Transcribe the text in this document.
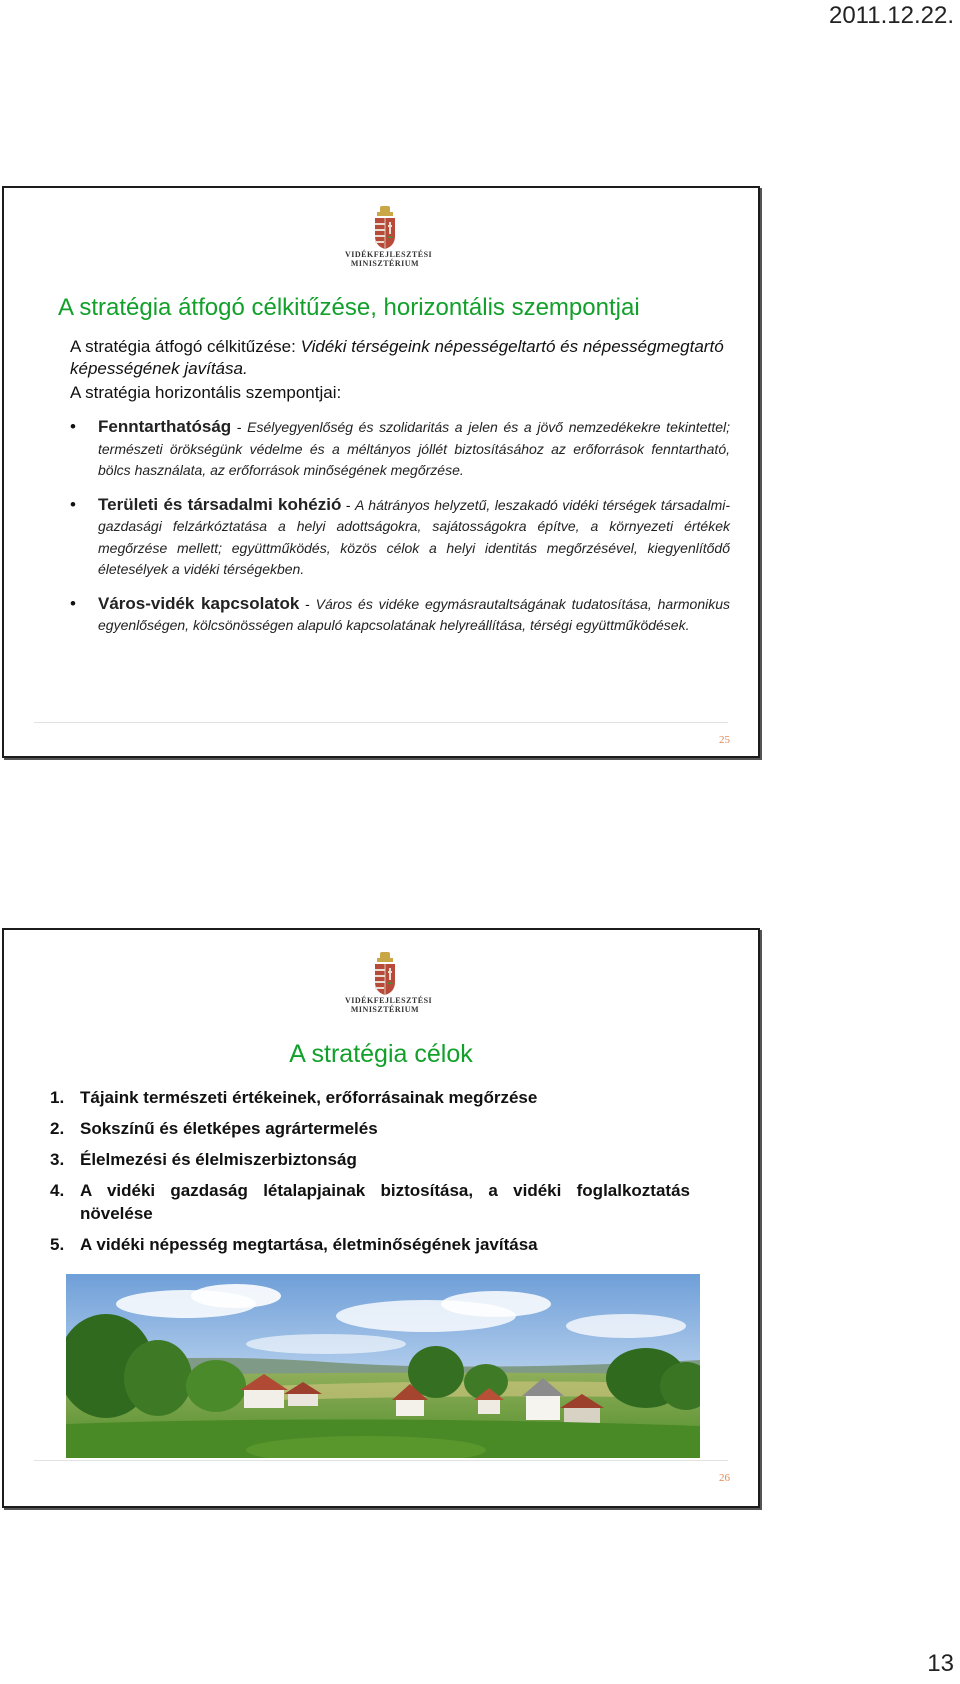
2011.12.22.
VIDÉKFEJLESZTÉSI
MINISZTÉRIUM
A stratégia átfogó célkitűzése, horizontális szempontjai
A stratégia átfogó célkitűzése: Vidéki térségeink népességeltartó és népességmegtartó képességének javítása.
A stratégia horizontális szempontjai:
• Fenntarthatóság - Esélyegyenlőség és szolidaritás a jelen és a jövő nemzedékekre tekintettel; természeti örökségünk védelme és a méltányos jóllét biztosításához az erőforrások fenntartható, bölcs használata, az erőforrások minőségének megőrzése.
• Területi és társadalmi kohézió - A hátrányos helyzetű, leszakadó vidéki térségek társadalmi-gazdasági felzárkóztatása a helyi adottságokra, sajátosságokra építve, a környezeti értékek megőrzése mellett; együttműködés, közös célok a helyi identitás megőrzésével, kiegyenlítődő életesélyek a vidéki térségekben.
• Város-vidék kapcsolatok - Város és vidéke egymásrautaltságának tudatosítása, harmonikus egyenlőségen, kölcsönösségen alapuló kapcsolatának helyreállítása, térségi együttműködések.
25
VIDÉKFEJLESZTÉSI
MINISZTÉRIUM
A stratégia célok
1. Tájaink természeti értékeinek, erőforrásainak megőrzése
2. Sokszínű és életképes agrártermelés
3. Élelmezési és élelmiszerbiztonság
4. A vidéki gazdaság létalapjainak biztosítása, a vidéki foglalkoztatás növelése
5. A vidéki népesség megtartása, életminőségének javítása
26
13
